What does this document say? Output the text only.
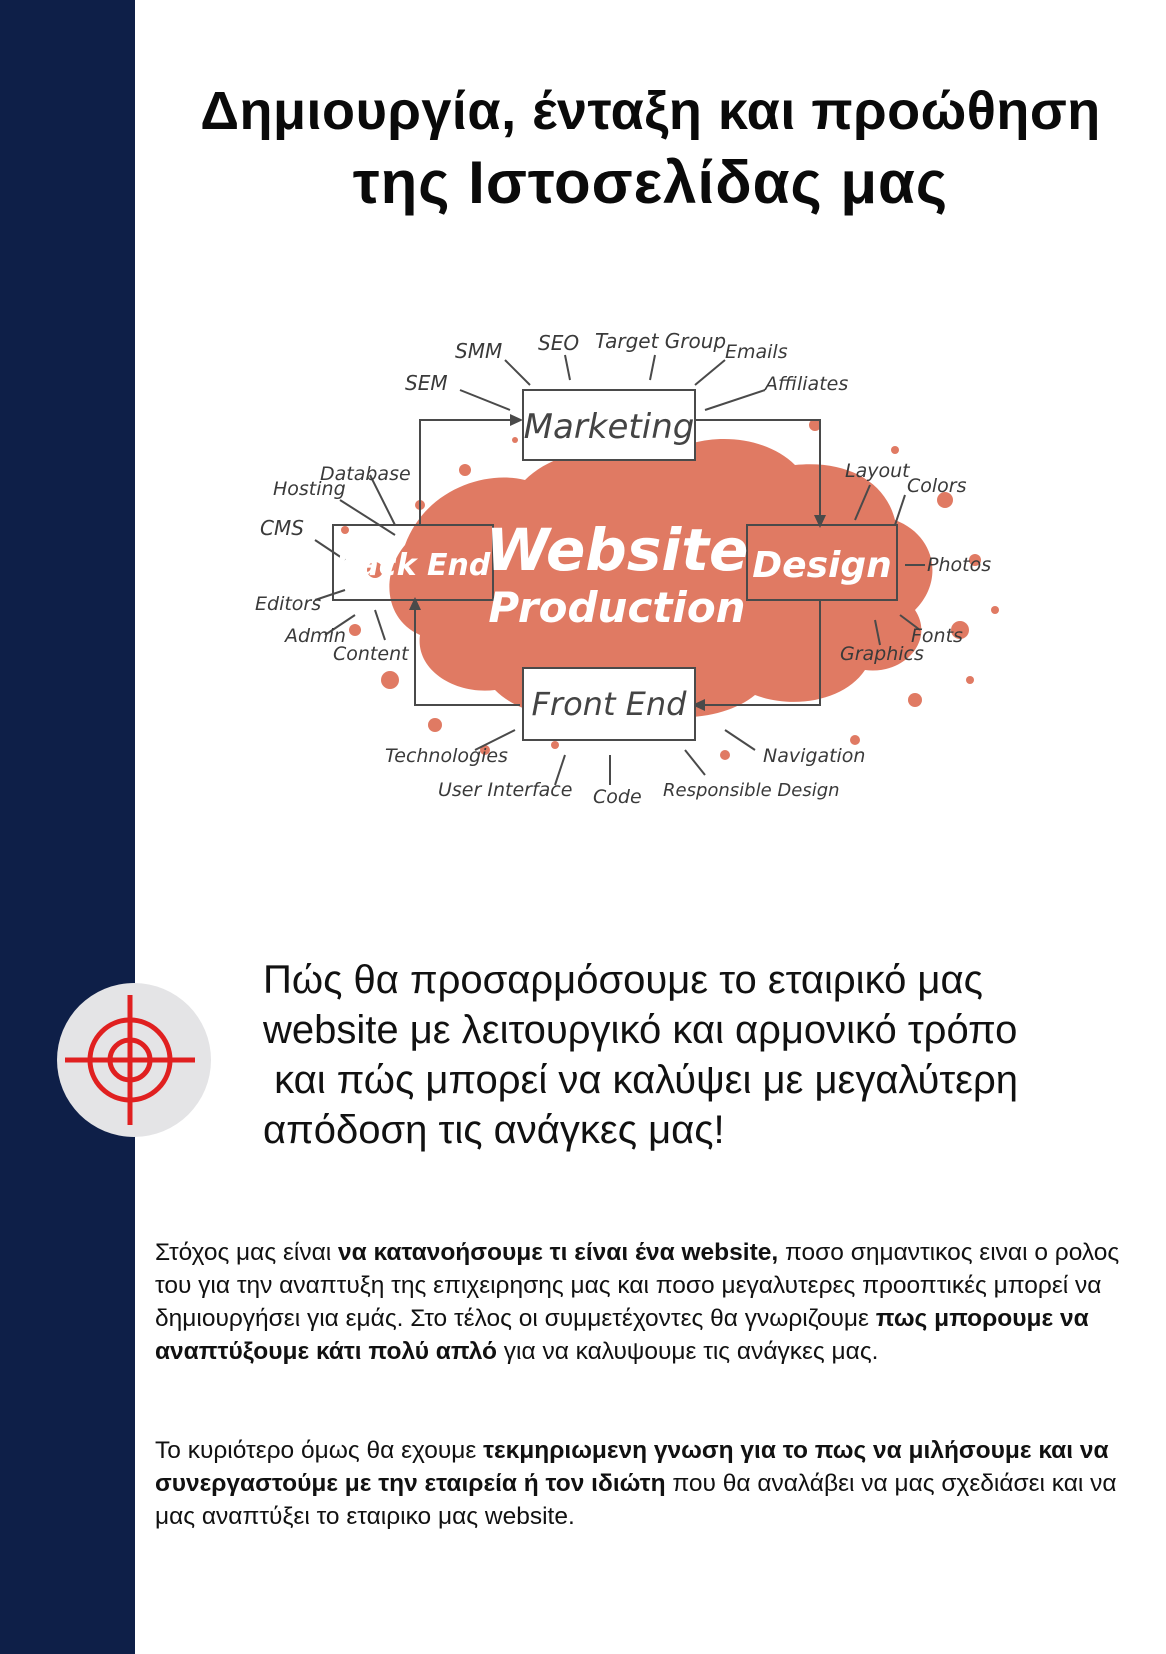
Δημιουργία, ένταξη και προώθηση
της Ιστοσελίδας μας
Marketing
Back End	Design
Front End
Website
Production
SMM SEO Target Group
Emails
SEM	Affiliates
Database
Hosting
CMS
Editors
Admin
Content
Layout
Colors
Photos
Fonts
Graphics
Technologies
User Interface Code Responsible Design
Navigation
Πώς θα προσαρμόσουμε το εταιρικό μας
website με λειτουργικό και αρμονικό τρόπο
και πώς μπορεί να καλύψει με μεγαλύτερη
απόδοση τις ανάγκες μας!

Στόχος μας είναι να κατανοήσουμε τι είναι ένα website, ποσο σημαντικος ειναι ο ρολος του για την αναπτυξη της επιχειρησης μας και ποσο μεγαλυτερες προοπτικές μπορεί να δημιουργήσει για εμάς. Στο τέλος οι συμμετέχοντες θα γνωριζουμε πως μπορουμε να αναπτύξουμε κάτι πολύ απλό για να καλυψουμε τις ανάγκες μας.

Το κυριότερο όμως θα εχουμε τεκμηριωμενη γνωση για το πως να μιλήσουμε και να συνεργαστούμε με την εταιρεία ή τον ιδιώτη που θα αναλάβει να μας σχεδιάσει και να μας αναπτύξει το εταιρικο μας website.
